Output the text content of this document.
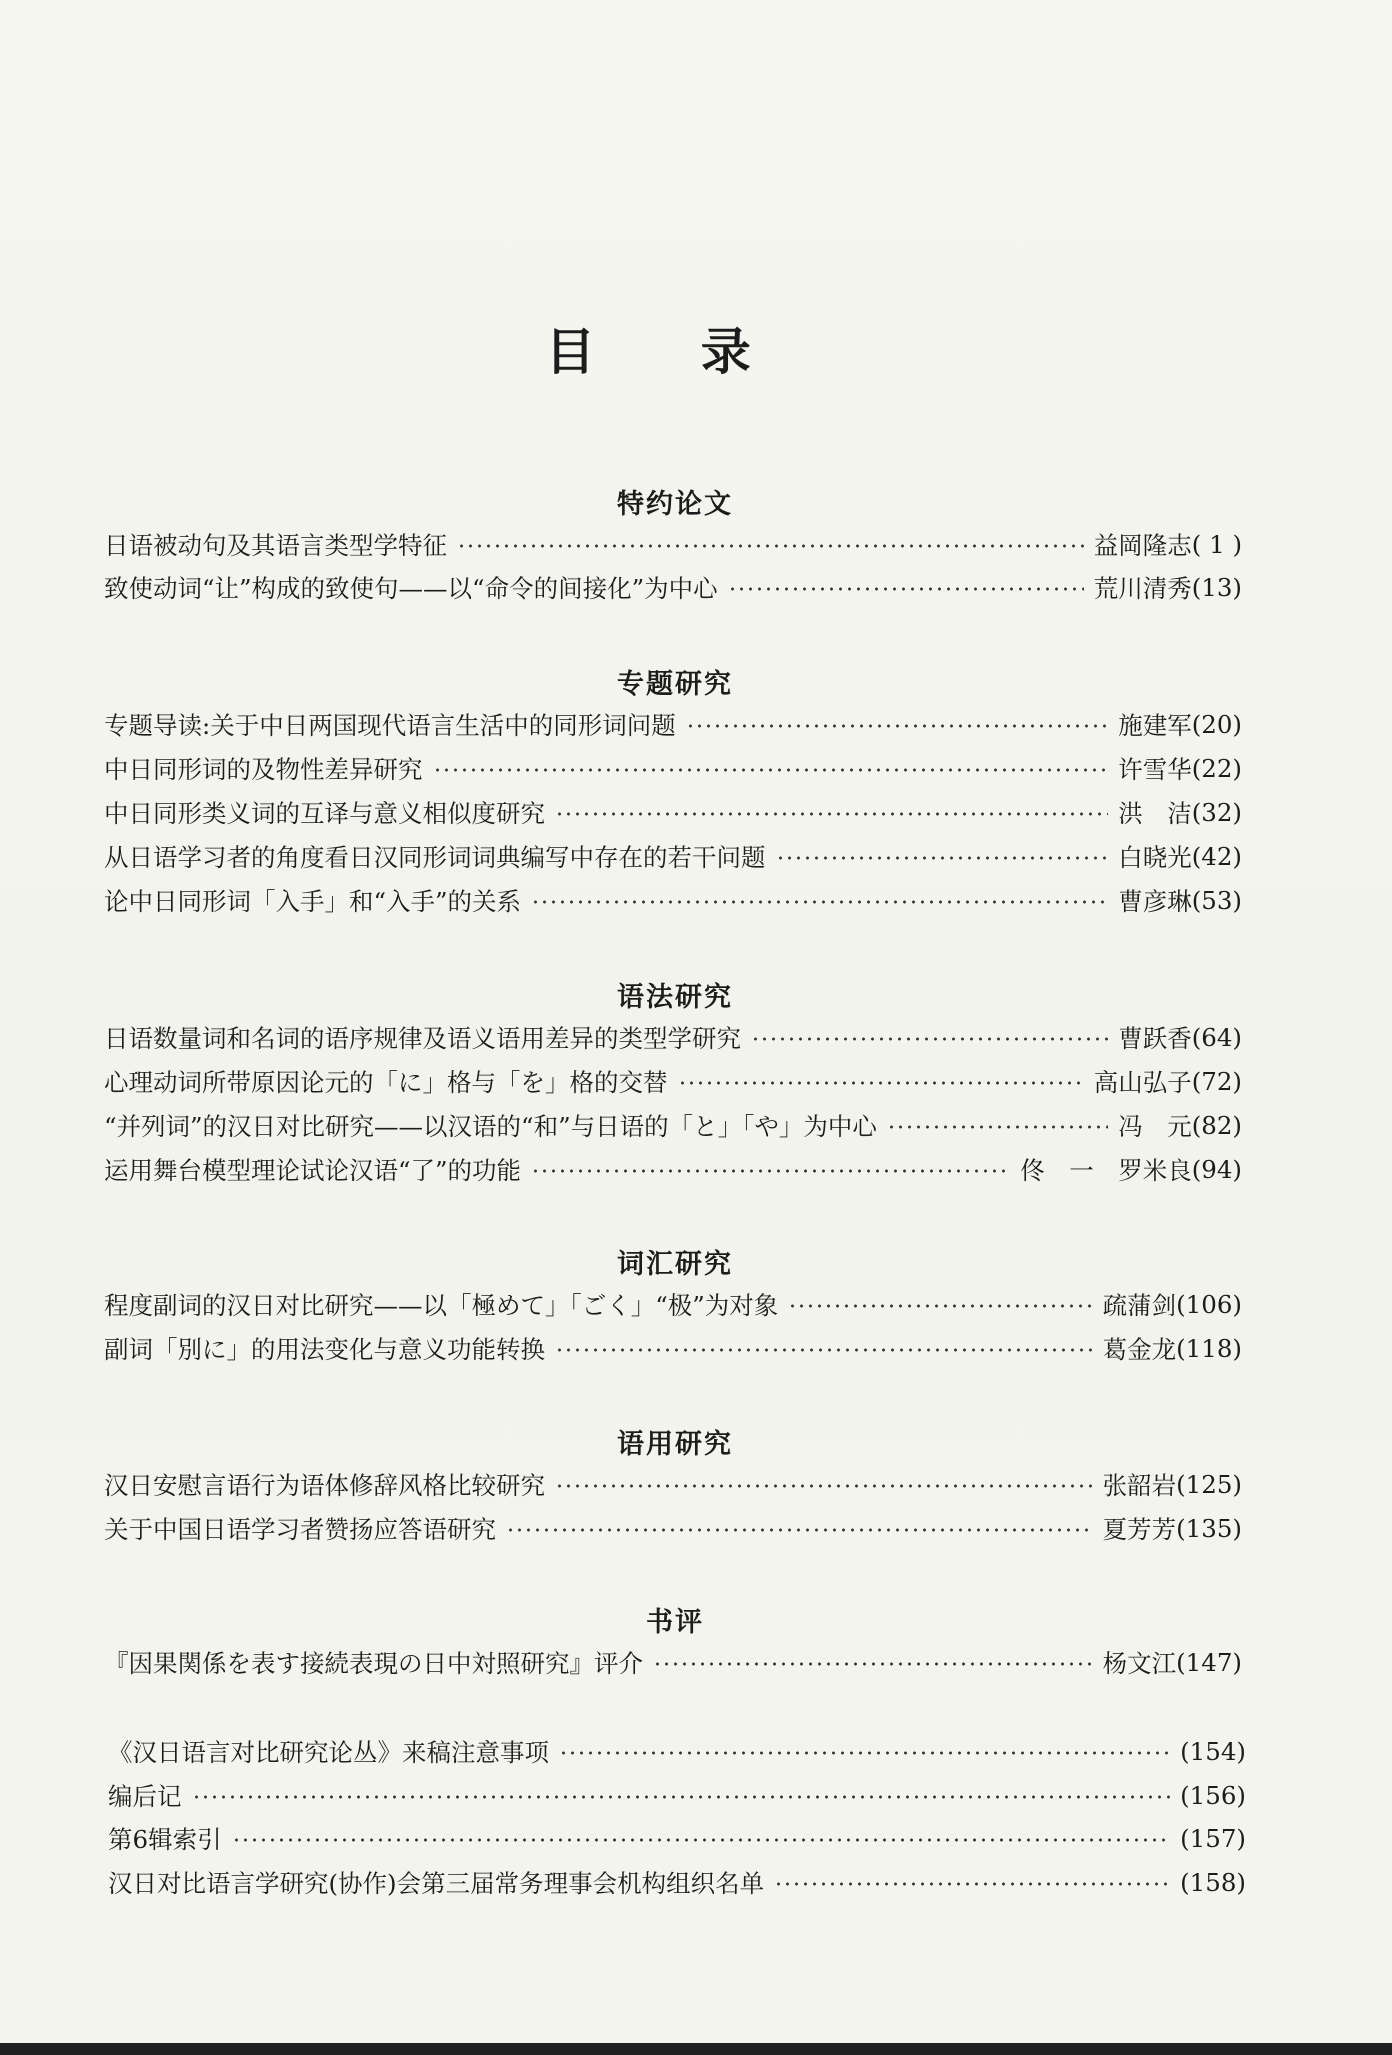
目 录
特约论文
日语被动句及其语言类型学特征	益岡隆志 ( 1 )
致使动词“让”构成的致使句——以“命令的间接化”为中心	荒川清秀 (13)
专题研究
专题导读:关于中日两国现代语言生活中的同形词问题	施建军 (20)
中日同形词的及物性差异研究	许雪华 (22)
中日同形类义词的互译与意义相似度研究	洪　洁 (32)
从日语学习者的角度看日汉同形词词典编写中存在的若干问题	白晓光 (42)
论中日同形词「入手」和“入手”的关系	曹彦琳 (53)
语法研究
日语数量词和名词的语序规律及语义语用差异的类型学研究	曹跃香 (64)
心理动词所带原因论元的「に」格与「を」格的交替	高山弘子 (72)
“并列词”的汉日对比研究——以汉语的“和”与日语的「と」「や」为中心	冯　元 (82)
运用舞台模型理论试论汉语“了”的功能	佟　一　罗米良 (94)
词汇研究
程度副词的汉日对比研究——以「極めて」「ごく」“极”为对象	疏蒲剑 (106)
副词「別に」的用法变化与意义功能转换	葛金龙 (118)
语用研究
汉日安慰言语行为语体修辞风格比较研究	张韶岩 (125)
关于中国日语学习者赞扬应答语研究	夏芳芳 (135)
书评
『因果関係を表す接続表現の日中対照研究』评介	杨文江 (147)
《汉日语言对比研究论丛》来稿注意事项	(154)
编后记	(156)
第6辑索引	(157)
汉日对比语言学研究(协作)会第三届常务理事会机构组织名单	(158)
